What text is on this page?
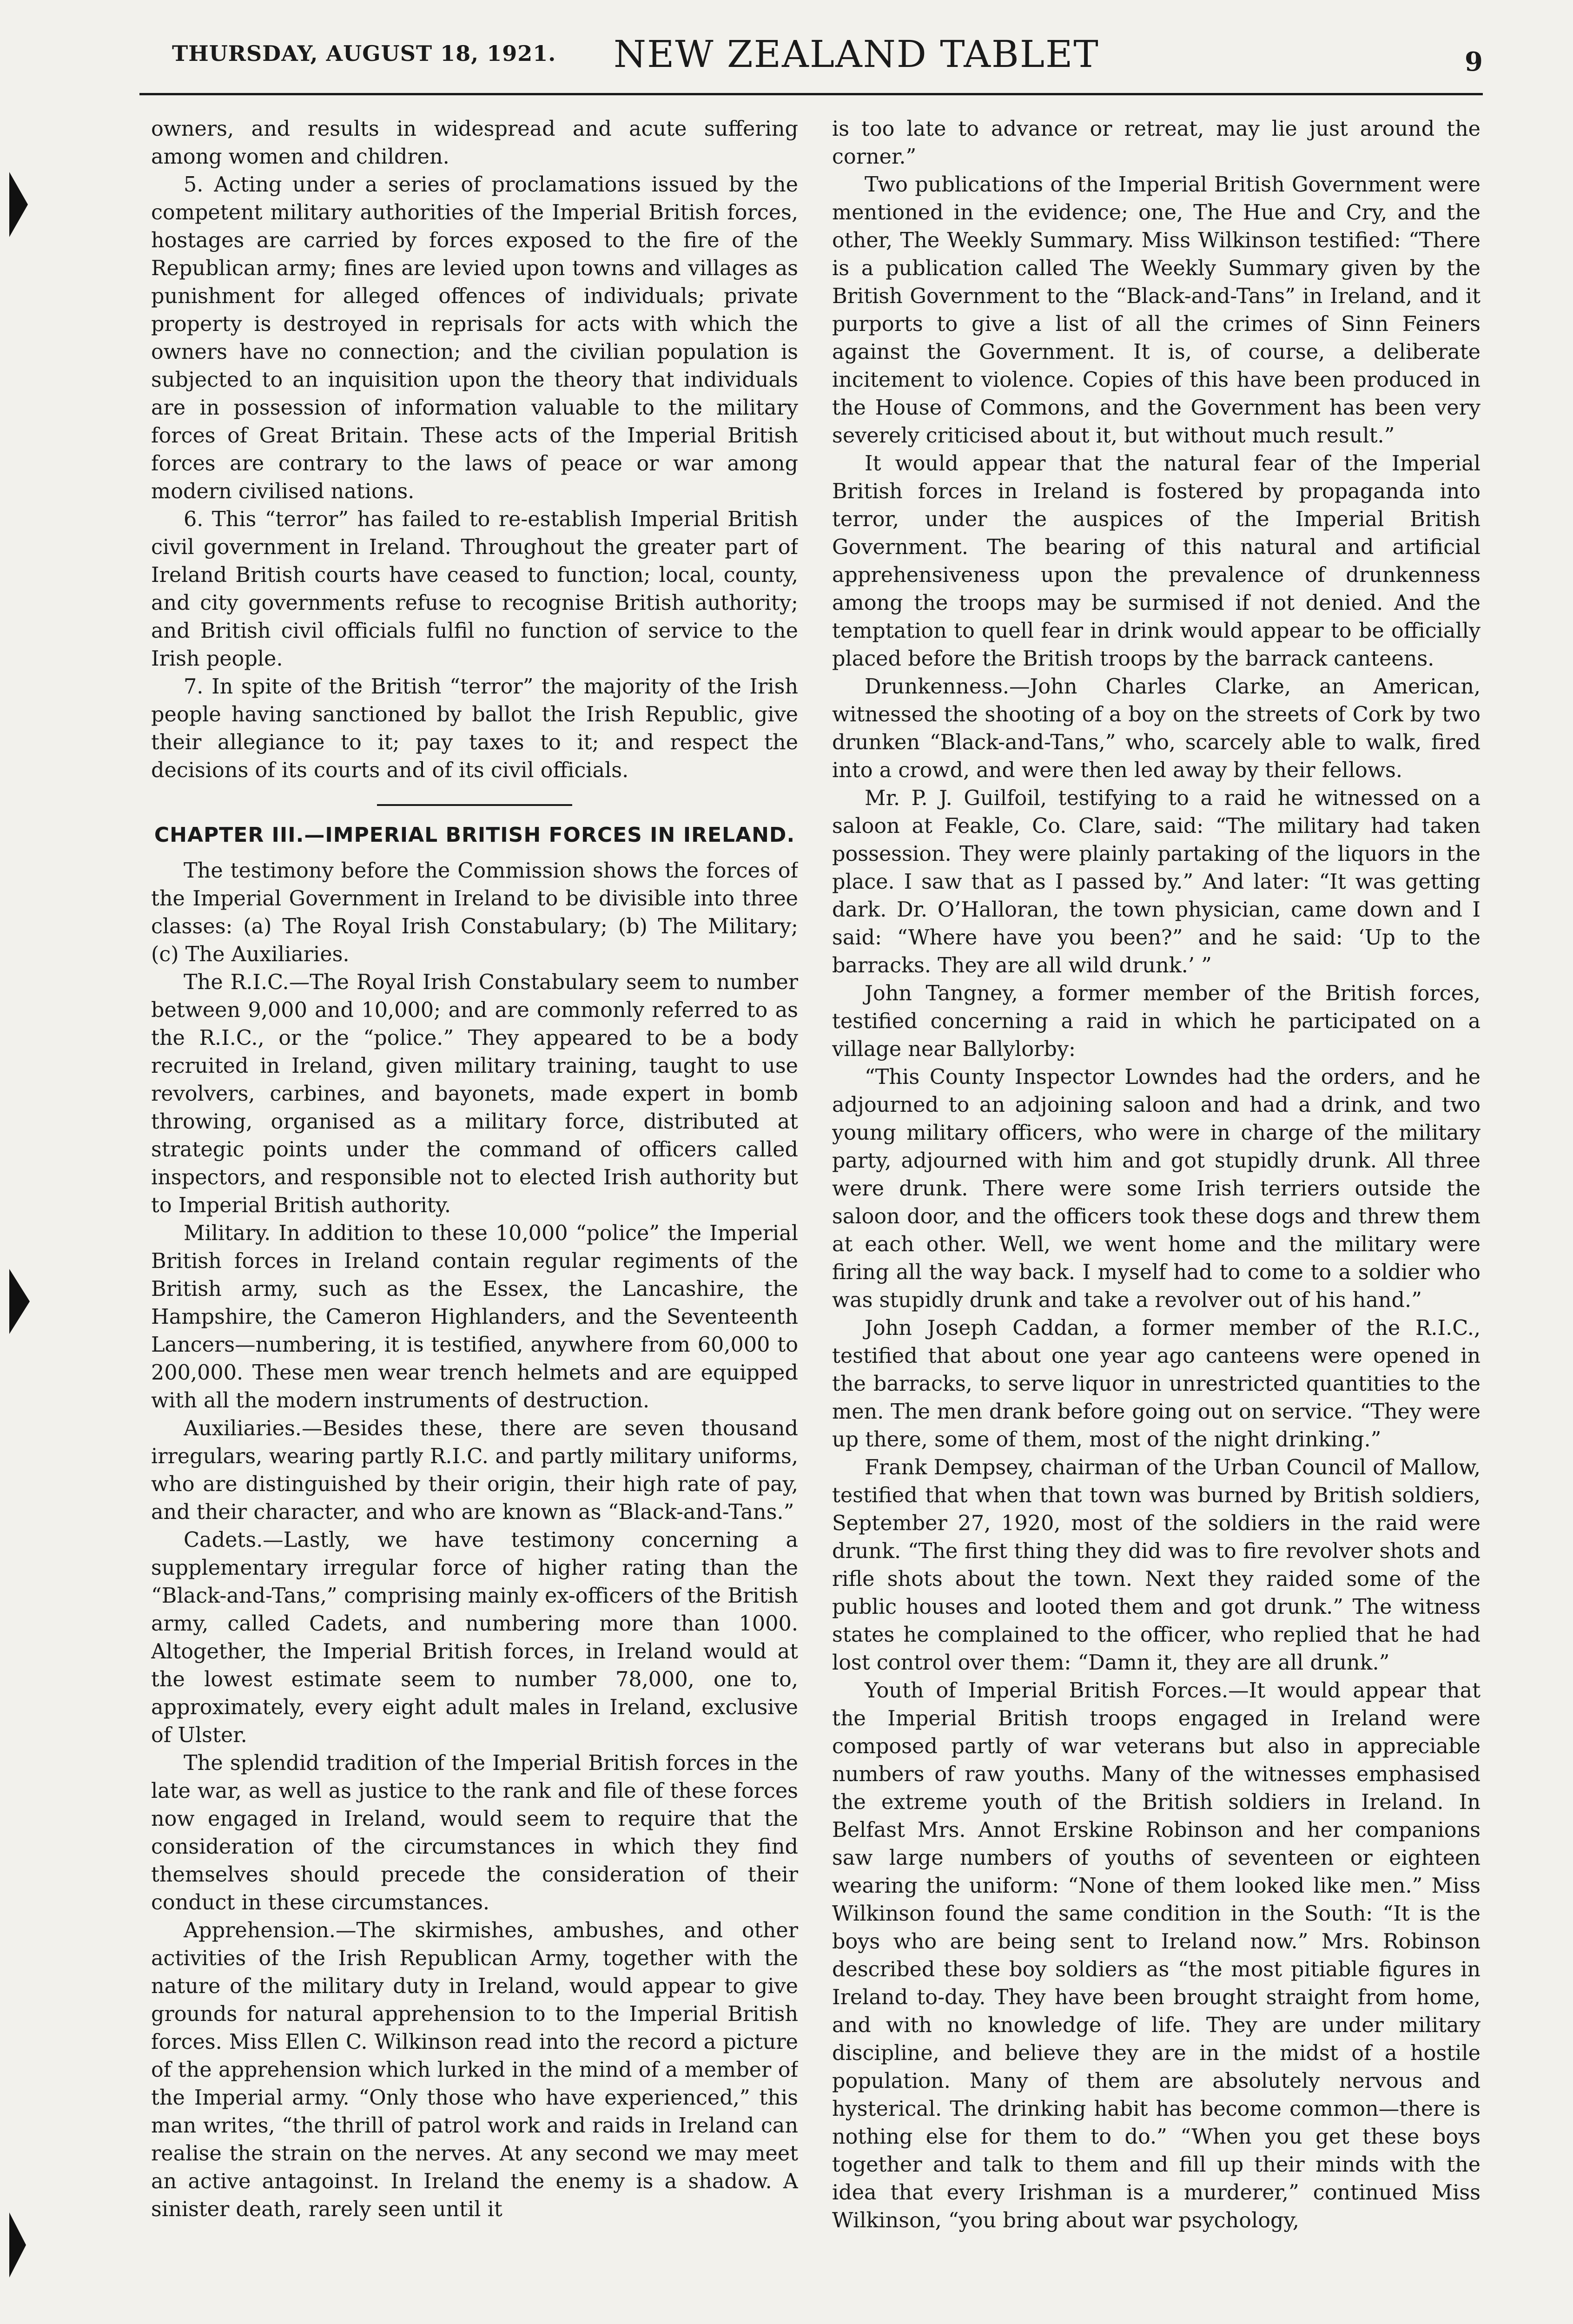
THURSDAY, AUGUST 18, 1921. NEW ZEALAND TABLET	9

owners, and results in widespread and acute suffering among women and children.

5. Acting under a series of proclamations issued by the competent military authorities of the Imperial British forces, hostages are carried by forces exposed to the fire of the Republican army; fines are levied upon towns and villages as punishment for alleged offences of individuals; private property is destroyed in reprisals for acts with which the owners have no connection; and the civilian population is subjected to an inquisition upon the theory that individuals are in possession of information valuable to the military forces of Great Britain. These acts of the Imperial British forces are contrary to the laws of peace or war among modern civilised nations.

6. This “terror” has failed to re-establish Imperial British civil government in Ireland. Throughout the greater part of Ireland British courts have ceased to function; local, county, and city governments refuse to recognise British authority; and British civil officials fulfil no function of service to the Irish people.

7. In spite of the British “terror” the majority of the Irish people having sanctioned by ballot the Irish Republic, give their allegiance to it; pay taxes to it; and respect the decisions of its courts and of its civil officials.

CHAPTER III.—IMPERIAL BRITISH FORCES IN IRELAND.

The testimony before the Commission shows the forces of the Imperial Government in Ireland to be divisible into three classes: (a) The Royal Irish Constabulary; (b) The Military; (c) The Auxiliaries.

The R.I.C.—The Royal Irish Constabulary seem to number between 9,000 and 10,000; and are commonly referred to as the R.I.C., or the “police.” They appeared to be a body recruited in Ireland, given military training, taught to use revolvers, carbines, and bayonets, made expert in bomb throwing, organised as a military force, distributed at strategic points under the command of officers called inspectors, and responsible not to elected Irish authority but to Imperial British authority.

Military. In addition to these 10,000 “police” the Imperial British forces in Ireland contain regular regiments of the British army, such as the Essex, the Lancashire, the Hampshire, the Cameron Highlanders, and the Seventeenth Lancers—numbering, it is testified, anywhere from 60,000 to 200,000. These men wear trench helmets and are equipped with all the modern instruments of destruction.

Auxiliaries.—Besides these, there are seven thousand irregulars, wearing partly R.I.C. and partly military uniforms, who are distinguished by their origin, their high rate of pay, and their character, and who are known as “Black-and-Tans.”

Cadets.—Lastly, we have testimony concerning a supplementary irregular force of higher rating than the “Black-and-Tans,” comprising mainly ex-officers of the British army, called Cadets, and numbering more than 1000. Altogether, the Imperial British forces, in Ireland would at the lowest estimate seem to number 78,000, one to, approximately, every eight adult males in Ireland, exclusive of Ulster.

The splendid tradition of the Imperial British forces in the late war, as well as justice to the rank and file of these forces now engaged in Ireland, would seem to require that the consideration of the circumstances in which they find themselves should precede the consideration of their conduct in these circumstances.

Apprehension.—The skirmishes, ambushes, and other activities of the Irish Republican Army, together with the nature of the military duty in Ireland, would appear to give grounds for natural apprehension to to the Imperial British forces. Miss Ellen C. Wilkinson read into the record a picture of the apprehension which lurked in the mind of a member of the Imperial army. “Only those who have experienced,” this man writes, “the thrill of patrol work and raids in Ireland can realise the strain on the nerves. At any second we may meet an active antagoinst. In Ireland the enemy is a shadow. A sinister death, rarely seen until it

is too late to advance or retreat, may lie just around the corner.”

Two publications of the Imperial British Government were mentioned in the evidence; one, The Hue and Cry, and the other, The Weekly Summary. Miss Wilkinson testified: “There is a publication called The Weekly Summary given by the British Government to the “Black-and-Tans” in Ireland, and it purports to give a list of all the crimes of Sinn Feiners against the Government. It is, of course, a deliberate incitement to violence. Copies of this have been produced in the House of Commons, and the Government has been very severely criticised about it, but without much result.”

It would appear that the natural fear of the Imperial British forces in Ireland is fostered by propaganda into terror, under the auspices of the Imperial British Government. The bearing of this natural and artificial apprehensiveness upon the prevalence of drunkenness among the troops may be surmised if not denied. And the temptation to quell fear in drink would appear to be officially placed before the British troops by the barrack canteens.

Drunkenness.—John Charles Clarke, an American, witnessed the shooting of a boy on the streets of Cork by two drunken “Black-and-Tans,” who, scarcely able to walk, fired into a crowd, and were then led away by their fellows.

Mr. P. J. Guilfoil, testifying to a raid he witnessed on a saloon at Feakle, Co. Clare, said: “The military had taken possession. They were plainly partaking of the liquors in the place. I saw that as I passed by.” And later: “It was getting dark. Dr. O’Halloran, the town physician, came down and I said: “Where have you been?” and he said: ‘Up to the barracks. They are all wild drunk.’ ”

John Tangney, a former member of the British forces, testified concerning a raid in which he participated on a village near Ballylorby:

“This County Inspector Lowndes had the orders, and he adjourned to an adjoining saloon and had a drink, and two young military officers, who were in charge of the military party, adjourned with him and got stupidly drunk. All three were drunk. There were some Irish terriers outside the saloon door, and the officers took these dogs and threw them at each other. Well, we went home and the military were firing all the way back. I myself had to come to a soldier who was stupidly drunk and take a revolver out of his hand.”

John Joseph Caddan, a former member of the R.I.C., testified that about one year ago canteens were opened in the barracks, to serve liquor in unrestricted quantities to the men. The men drank before going out on service. “They were up there, some of them, most of the night drinking.”

Frank Dempsey, chairman of the Urban Council of Mallow, testified that when that town was burned by British soldiers, September 27, 1920, most of the soldiers in the raid were drunk. “The first thing they did was to fire revolver shots and rifle shots about the town. Next they raided some of the public houses and looted them and got drunk.” The witness states he complained to the officer, who replied that he had lost control over them: “Damn it, they are all drunk.”

Youth of Imperial British Forces.—It would appear that the Imperial British troops engaged in Ireland were composed partly of war veterans but also in appreciable numbers of raw youths. Many of the witnesses emphasised the extreme youth of the British soldiers in Ireland. In Belfast Mrs. Annot Erskine Robinson and her companions saw large numbers of youths of seventeen or eighteen wearing the uniform: “None of them looked like men.” Miss Wilkinson found the same condition in the South: “It is the boys who are being sent to Ireland now.” Mrs. Robinson described these boy soldiers as “the most pitiable figures in Ireland to-day. They have been brought straight from home, and with no knowledge of life. They are under military discipline, and believe they are in the midst of a hostile population. Many of them are absolutely nervous and hysterical. The drinking habit has become common—there is nothing else for them to do.” “When you get these boys together and talk to them and fill up their minds with the idea that every Irishman is a murderer,” continued Miss Wilkinson, “you bring about war psychology,
